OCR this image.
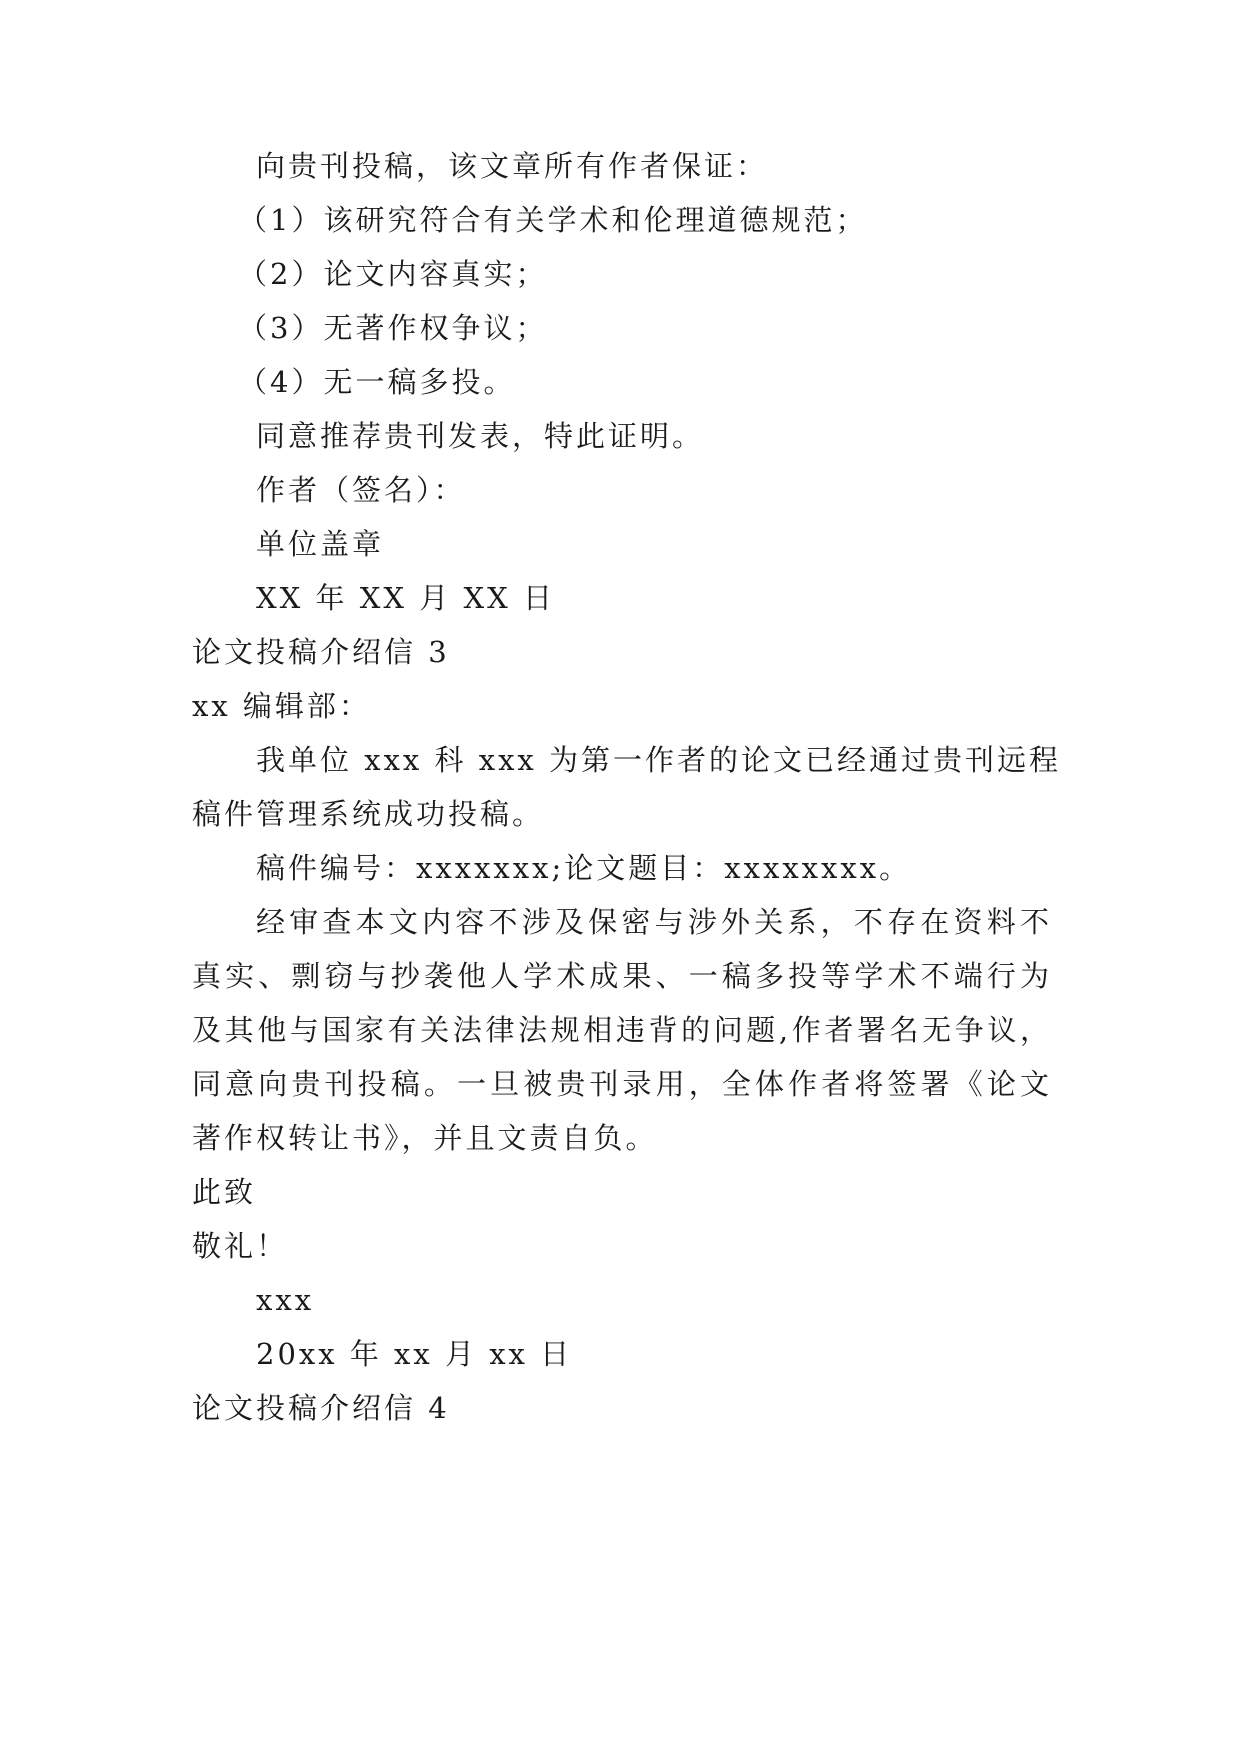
向贵刊投稿，该文章所有作者保证：
（1）该研究符合有关学术和伦理道德规范；
（2）论文内容真实；
（3）无著作权争议；
（4）无一稿多投。
同意推荐贵刊发表，特此证明。
作者（签名）：
单位盖章
XX 年 XX 月 XX 日
论文投稿介绍信 3
xx 编辑部：
我单位 xxx 科 xxx 为第一作者的论文已经通过贵刊远程
稿件管理系统成功投稿。
稿件编号：xxxxxxx;论文题目：xxxxxxxx。
经审查本文内容不涉及保密与涉外关系，不存在资料不
真实、剽窃与抄袭他人学术成果、一稿多投等学术不端行为
及其他与国家有关法律法规相违背的问题,作者署名无争议，
同意向贵刊投稿。一旦被贵刊录用，全体作者将签署《论文
著作权转让书》，并且文责自负。
此致
敬礼！
xxx
20xx 年 xx 月 xx 日
论文投稿介绍信 4
